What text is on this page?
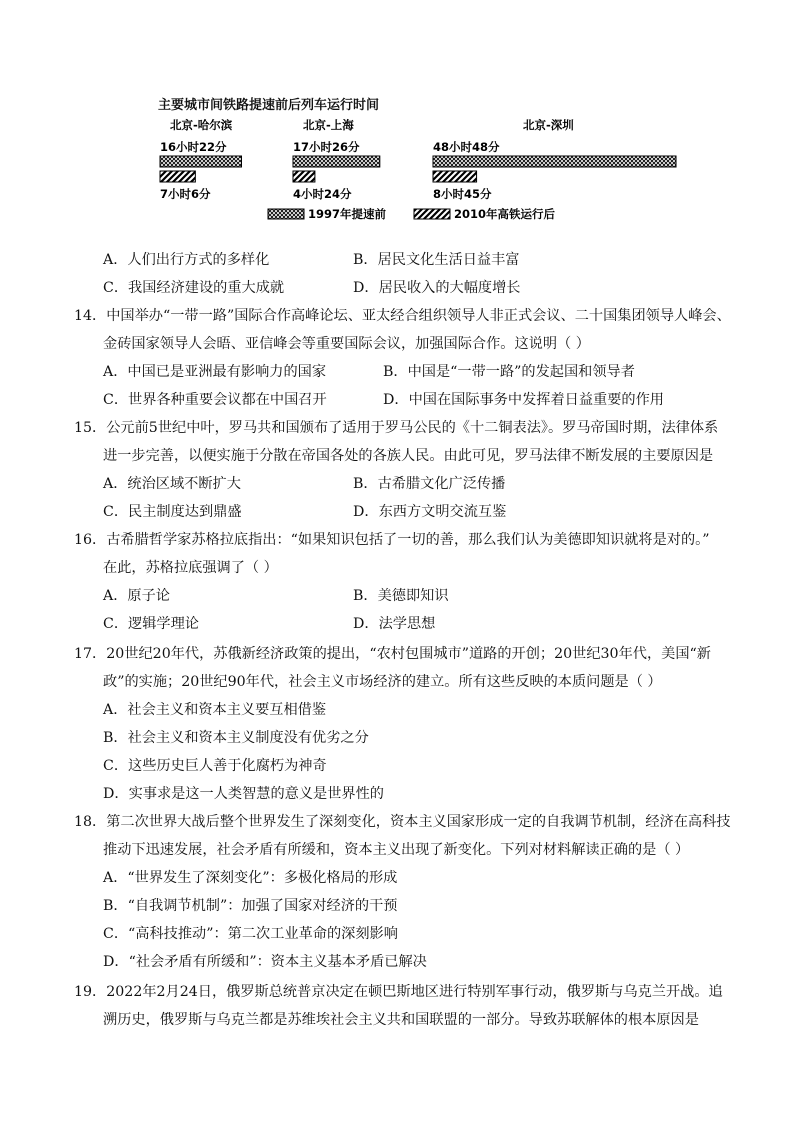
主要城市间铁路提速前后列车运行时间
北京-哈尔滨
16小时22分
7小时6分
北京-上海
17小时26分
4小时24分
北京-深圳
48小时48分
8小时45分
1997年提速前	2010年高铁运行后
A．人们出行方式的多样化	B．居民文化生活日益丰富
C．我国经济建设的重大成就	D．居民收入的大幅度增长
14．中国举办“一带一路”国际合作高峰论坛、亚太经合组织领导人非正式会议、二十国集团领导人峰会、
金砖国家领导人会晤、亚信峰会等重要国际会议，加强国际合作。这说明（ ）
A．中国已是亚洲最有影响力的国家	B．中国是“一带一路”的发起国和领导者
C．世界各种重要会议都在中国召开	D．中国在国际事务中发挥着日益重要的作用
15．公元前5世纪中叶，罗马共和国颁布了适用于罗马公民的《十二铜表法》。罗马帝国时期，法律体系
进一步完善，以便实施于分散在帝国各处的各族人民。由此可见，罗马法律不断发展的主要原因是
A．统治区域不断扩大	B．古希腊文化广泛传播
C．民主制度达到鼎盛	D．东西方文明交流互鉴
16．古希腊哲学家苏格拉底指出：“如果知识包括了一切的善，那么我们认为美德即知识就将是对的。”
在此，苏格拉底强调了（ ）
A．原子论	B．美德即知识
C．逻辑学理论	D．法学思想
17．20世纪20年代，苏俄新经济政策的提出，“农村包围城市”道路的开创；20世纪30年代，美国“新
政”的实施；20世纪90年代，社会主义市场经济的建立。所有这些反映的本质问题是（ ）
A．社会主义和资本主义要互相借鉴
B．社会主义和资本主义制度没有优劣之分
C．这些历史巨人善于化腐朽为神奇
D．实事求是这一人类智慧的意义是世界性的
18．第二次世界大战后整个世界发生了深刻变化，资本主义国家形成一定的自我调节机制，经济在高科技
推动下迅速发展，社会矛盾有所缓和，资本主义出现了新变化。下列对材料解读正确的是（ ）
A．“世界发生了深刻变化”：多极化格局的形成
B．“自我调节机制”：加强了国家对经济的干预
C．“高科技推动”：第二次工业革命的深刻影响
D．“社会矛盾有所缓和”：资本主义基本矛盾已解决
19．2022年2月24日，俄罗斯总统普京决定在顿巴斯地区进行特别军事行动，俄罗斯与乌克兰开战。追
溯历史，俄罗斯与乌克兰都是苏维埃社会主义共和国联盟的一部分。导致苏联解体的根本原因是
